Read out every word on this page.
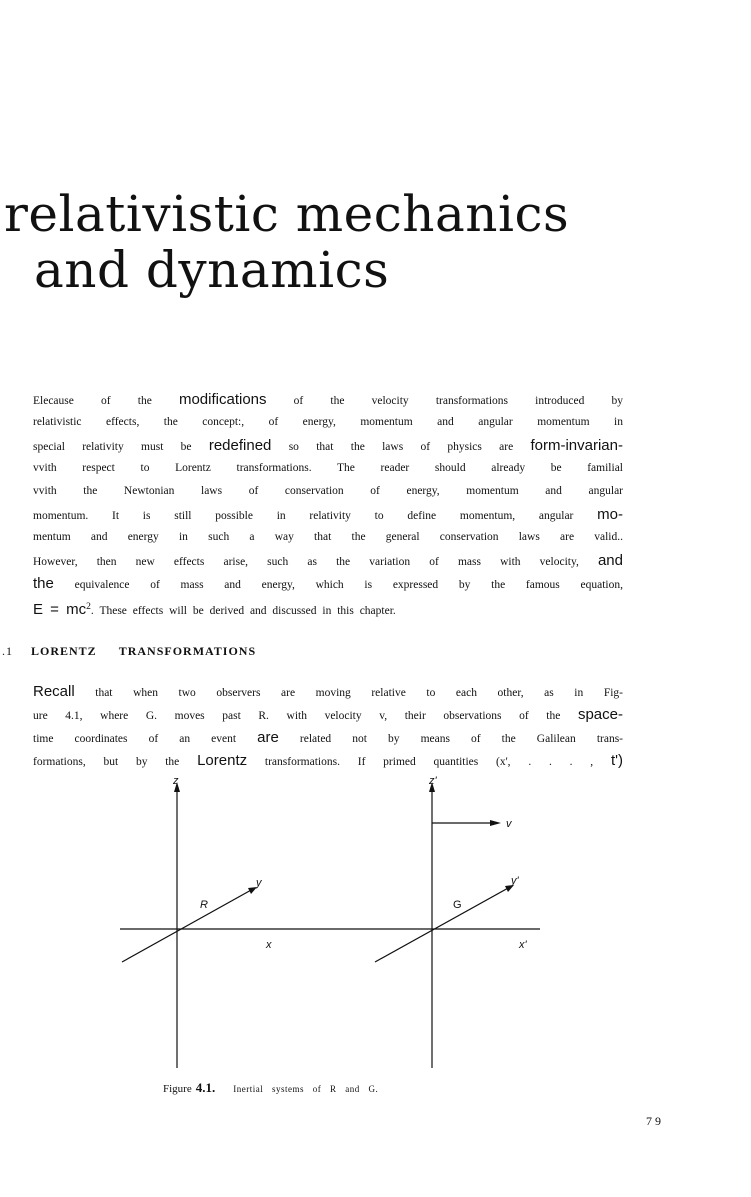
relativistic mechanics
and dynamics
Elecause of the modifications of the velocity transformations introduced by
relativistic effects, the concept:, of energy, momentum and angular momentum in
special relativity must be redefined so that the laws of physics are form-invarian-
vvith respect to Lorentz transformations. The reader should already be familial
vvith the Newtonian laws of conservation of energy, momentum and angular
momentum. It is still possible in relativity to define momentum, angular mo-
mentum and energy in such a way that the general conservation laws are valid..
However, then new effects arise, such as the variation of mass with velocity, and
the equivalence of mass and energy, which is expressed by the famous equation,
$E = mc^2$. These effects will be derived and discussed in this chapter.
.1 LORENTZ TRANSFORMATIONS
Recall that when two observers are moving relative to each other, as in Fig-
ure 4.1, where G. moves past R. with velocity v, their observations of the space-
time coordinates of an event are related not by means of the Galilean trans-
formations, but by the Lorentz transformations. If primed quantities (x', . . . , t')
z	z'
v
y	y'
R	G
x	x'
Figure 4.1. Inertial systems of R and G.
79
